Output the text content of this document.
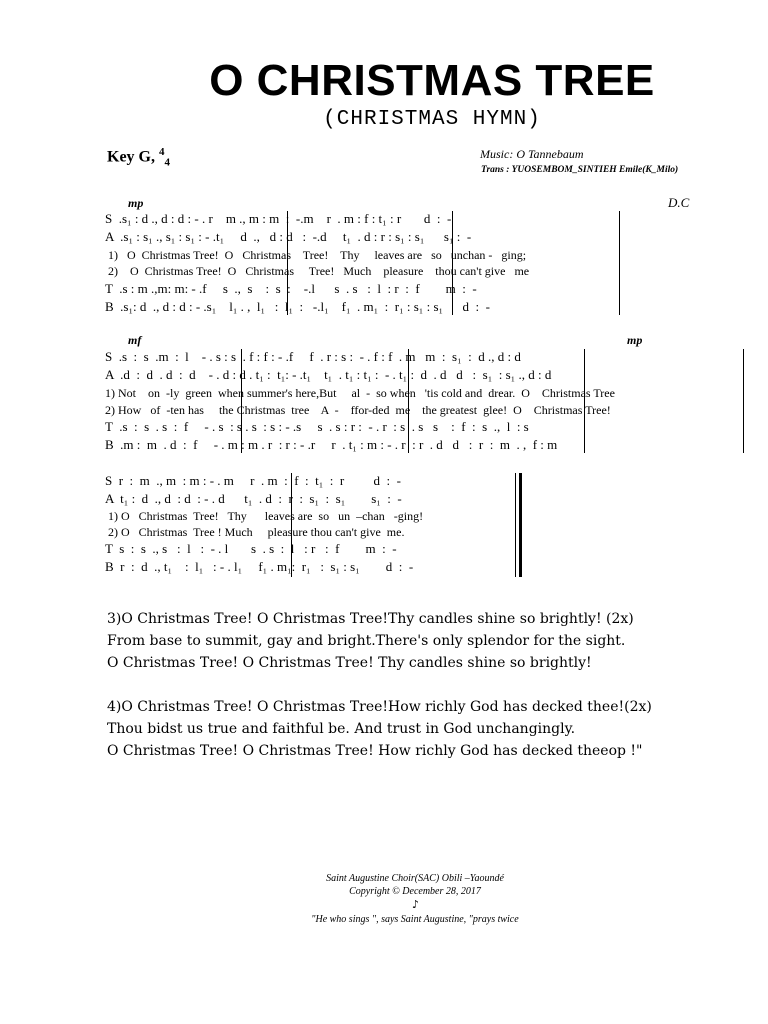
O CHRISTMAS TREE
(CHRISTMAS HYMN)
Key G, $^4_4$
Music: O Tannebaum
Trans : YUOSEMBOM_SINTIEH Emile(K_Milo)
mp	D.C
S  .s₁ : d ., d : d : - . r    m ., m : m  :  -.m    r  . m : f : t₁ : r       d  :  -
A  .s₁ : s₁ ., s₁ : s₁ : - .t₁     d  .,   d : d   :  -.d     t₁  . d : r : s₁ : s₁      s₁ :  -
1)   O  Christmas Tree!  O   Christmas    Tree!    Thy     leaves are   so   unchan -   ging;
2)    O  Christmas Tree!  O   Christmas     Tree!   Much    pleasure    thou can't give   me
T  .s : m .,m: m: - .f     s  .,  s    :  s  :    -.l      s  . s   :  l  : r  :  f        m  :  -
B  .s₁: d  ., d : d : - .s₁    l₁ . ,  l₁   :  l₁  :   -.l₁    f₁  . m₁  :  r₁ : s₁ : s₁      d  :  -
mf	mp
S  .s  :  s  .m  :  l    - . s : s  . f : f : - .f     f  . r : s :  - . f : f  . m   m  :  s₁  :  d ., d : d
A  .d  :  d  . d  :  d    - . d : d . t₁ :  t₁: - .t₁    t₁  . t₁ : t₁ :  - . t₁ :  d  . d   d   :  s₁  : s₁ ., d : d
1) Not    on  -ly  green  when summer's here,But     al  -  so when   'tis cold and  drear.  O    Christmas Tree
2) How   of  -ten has     the Christmas  tree    A  -    ffor-ded  me    the greatest  glee!  O    Christmas Tree!
T  .s  :  s  . s  :  f     - . s  : s . s  : s : - .s     s  . s : r :  - . r  : s  . s   s    :  f  :  s  .,  l  : s
B  .m :  m  . d  :  f     - . m : m . r  : r : - .r     r  . t₁ : m : - . r  : r  . d   d   :  r  :  m  . ,  f : m
S  r  :  m  ., m  : m : - . m     r  . m  :  f  :  t₁  :  r         d  :  -
A  t₁ :  d  ., d  : d  : - . d      t₁  . d  :  r  :  s₁  :  s₁        s₁  :  -
1) O   Christmas  Tree!   Thy      leaves are  so   un  –chan   -ging!
2) O   Christmas  Tree ! Much     pleasure thou can't give  me.
T  s  :  s  ., s   :  l   :  - . l       s  . s  :  l   : r   :  f        m  :  -
B  r  :  d  ., t₁    :  l₁   : - . l₁     f₁ . m₁:  r₁   :  s₁ : s₁        d  :  -
3)O Christmas Tree! O Christmas Tree!Thy candles shine so brightly! (2x)
From base to summit, gay and bright.There's only splendor for the sight.
O Christmas Tree! O Christmas Tree! Thy candles shine so brightly!
4)O Christmas Tree! O Christmas Tree!How richly God has decked thee!(2x)
Thou bidst us true and faithful be. And trust in God unchangingly.
O Christmas Tree! O Christmas Tree! How richly God has decked theeop !"
Saint Augustine Choir(SAC) Obili –Yaoundé
Copyright © December 28, 2017
♪
"He who sings ", says Saint Augustine, "prays twice
